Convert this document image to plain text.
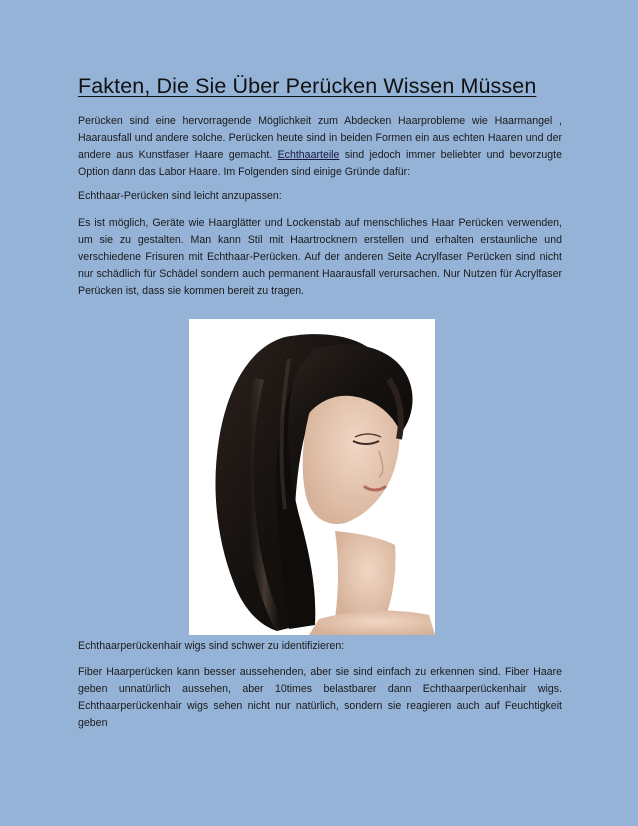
Fakten, Die Sie Über Perücken Wissen Müssen

Perücken sind eine hervorragende Möglichkeit zum Abdecken Haarprobleme wie Haarmangel , Haarausfall und andere solche. Perücken heute sind in beiden Formen ein aus echten Haaren und der andere aus Kunstfaser Haare gemacht. Echthaarteile sind jedoch immer beliebter und bevorzugte Option dann das Labor Haare. Im Folgenden sind einige Gründe dafür:

Echthaar-Perücken sind leicht anzupassen:

Es ist möglich, Geräte wie Haarglätter und Lockenstab auf menschliches Haar Perücken verwenden, um sie zu gestalten. Man kann Stil mit Haartrocknern erstellen und erhalten erstaunliche und verschiedene Frisuren mit Echthaar-Perücken. Auf der anderen Seite Acrylfaser Perücken sind nicht nur schädlich für Schädel sondern auch permanent Haarausfall verursachen. Nur Nutzen für Acrylfaser Perücken ist, dass sie kommen bereit zu tragen.

Echthaarperückenhair wigs sind schwer zu identifizieren:

Fiber Haarperücken kann besser aussehenden, aber sie sind einfach zu erkennen sind. Fiber Haare geben unnatürlich aussehen, aber 10times belastbarer dann Echthaarperückenhair wigs. Echthaarperückenhair wigs sehen nicht nur natürlich, sondern sie reagieren auch auf Feuchtigkeit geben
